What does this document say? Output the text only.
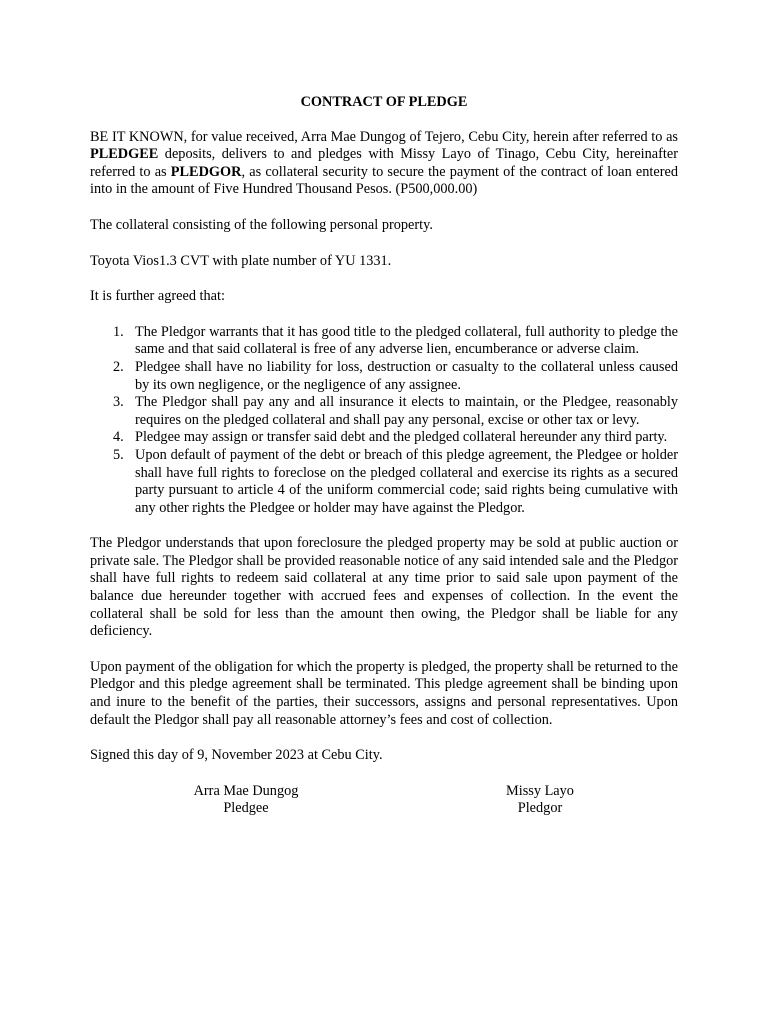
CONTRACT OF PLEDGE

BE IT KNOWN, for value received, Arra Mae Dungog of Tejero, Cebu City, herein after referred to as PLEDGEE deposits, delivers to and pledges with Missy Layo of Tinago, Cebu City, hereinafter referred to as PLEDGOR, as collateral security to secure the payment of the contract of loan entered into in the amount of Five Hundred Thousand Pesos. (P500,000.00)

The collateral consisting of the following personal property.

Toyota Vios1.3 CVT with plate number of YU 1331.

It is further agreed that:

The Pledgor warrants that it has good title to the pledged collateral, full authority to pledge the same and that said collateral is free of any adverse lien, encumberance or adverse claim.
Pledgee shall have no liability for loss, destruction or casualty to the collateral unless caused by its own negligence, or the negligence of any assignee.
The Pledgor shall pay any and all insurance it elects to maintain, or the Pledgee, reasonably requires on the pledged collateral and shall pay any personal, excise or other tax or levy.
Pledgee may assign or transfer said debt and the pledged collateral hereunder any third party.
Upon default of payment of the debt or breach of this pledge agreement, the Pledgee or holder shall have full rights to foreclose on the pledged collateral and exercise its rights as a secured party pursuant to article 4 of the uniform commercial code; said rights being cumulative with any other rights the Pledgee or holder may have against the Pledgor.

The Pledgor understands that upon foreclosure the pledged property may be sold at public auction or private sale. The Pledgor shall be provided reasonable notice of any said intended sale and the Pledgor shall have full rights to redeem said collateral at any time prior to said sale upon payment of the balance due hereunder together with accrued fees and expenses of collection. In the event the collateral shall be sold for less than the amount then owing, the Pledgor shall be liable for any deficiency.

Upon payment of the obligation for which the property is pledged, the property shall be returned to the Pledgor and this pledge agreement shall be terminated. This pledge agreement shall be binding upon and inure to the benefit of the parties, their successors, assigns and personal representatives. Upon default the Pledgor shall pay all reasonable attorney’s fees and cost of collection.

Signed this day of 9, November 2023 at Cebu City.

Arra Mae Dungog
Pledgee
Missy Layo
Pledgor
